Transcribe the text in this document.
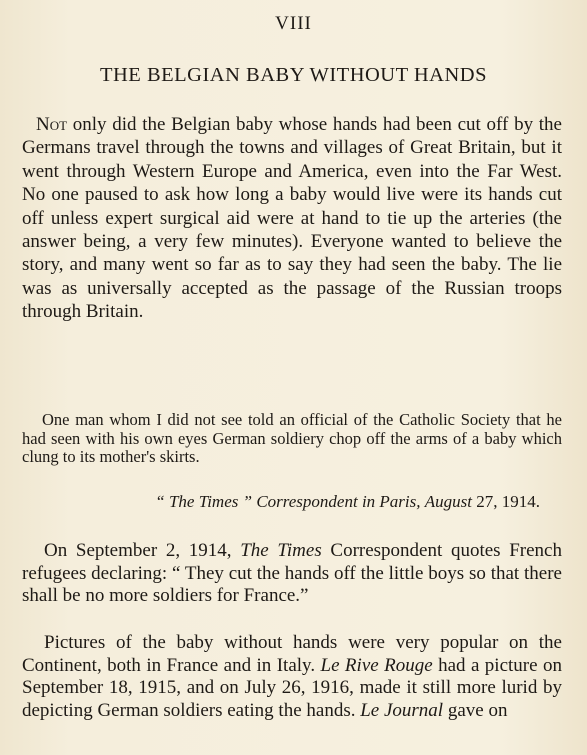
VIII
THE BELGIAN BABY WITHOUT HANDS

Not only did the Belgian baby whose hands had been cut off by the Germans travel through the towns and villages of Great Britain, but it went through Western Europe and America, even into the Far West. No one paused to ask how long a baby would live were its hands cut off unless expert surgical aid were at hand to tie up the arteries (the answer being, a very few minutes). Everyone wanted to believe the story, and many went so far as to say they had seen the baby. The lie was as universally accepted as the passage of the Russian troops through Britain.

One man whom I did not see told an official of the Catholic Society that he had seen with his own eyes German soldiery chop off the arms of a baby which clung to its mother's skirts.

“ The Times ” Correspondent in Paris, August 27, 1914.

On September 2, 1914, The Times Correspondent quotes French refugees declaring: “ They cut the hands off the little boys so that there shall be no more soldiers for France.”

Pictures of the baby without hands were very popular on the Continent, both in France and in Italy. Le Rive Rouge had a picture on September 18, 1915, and on July 26, 1916, made it still more lurid by depicting German soldiers eating the hands. Le Journal gave on
